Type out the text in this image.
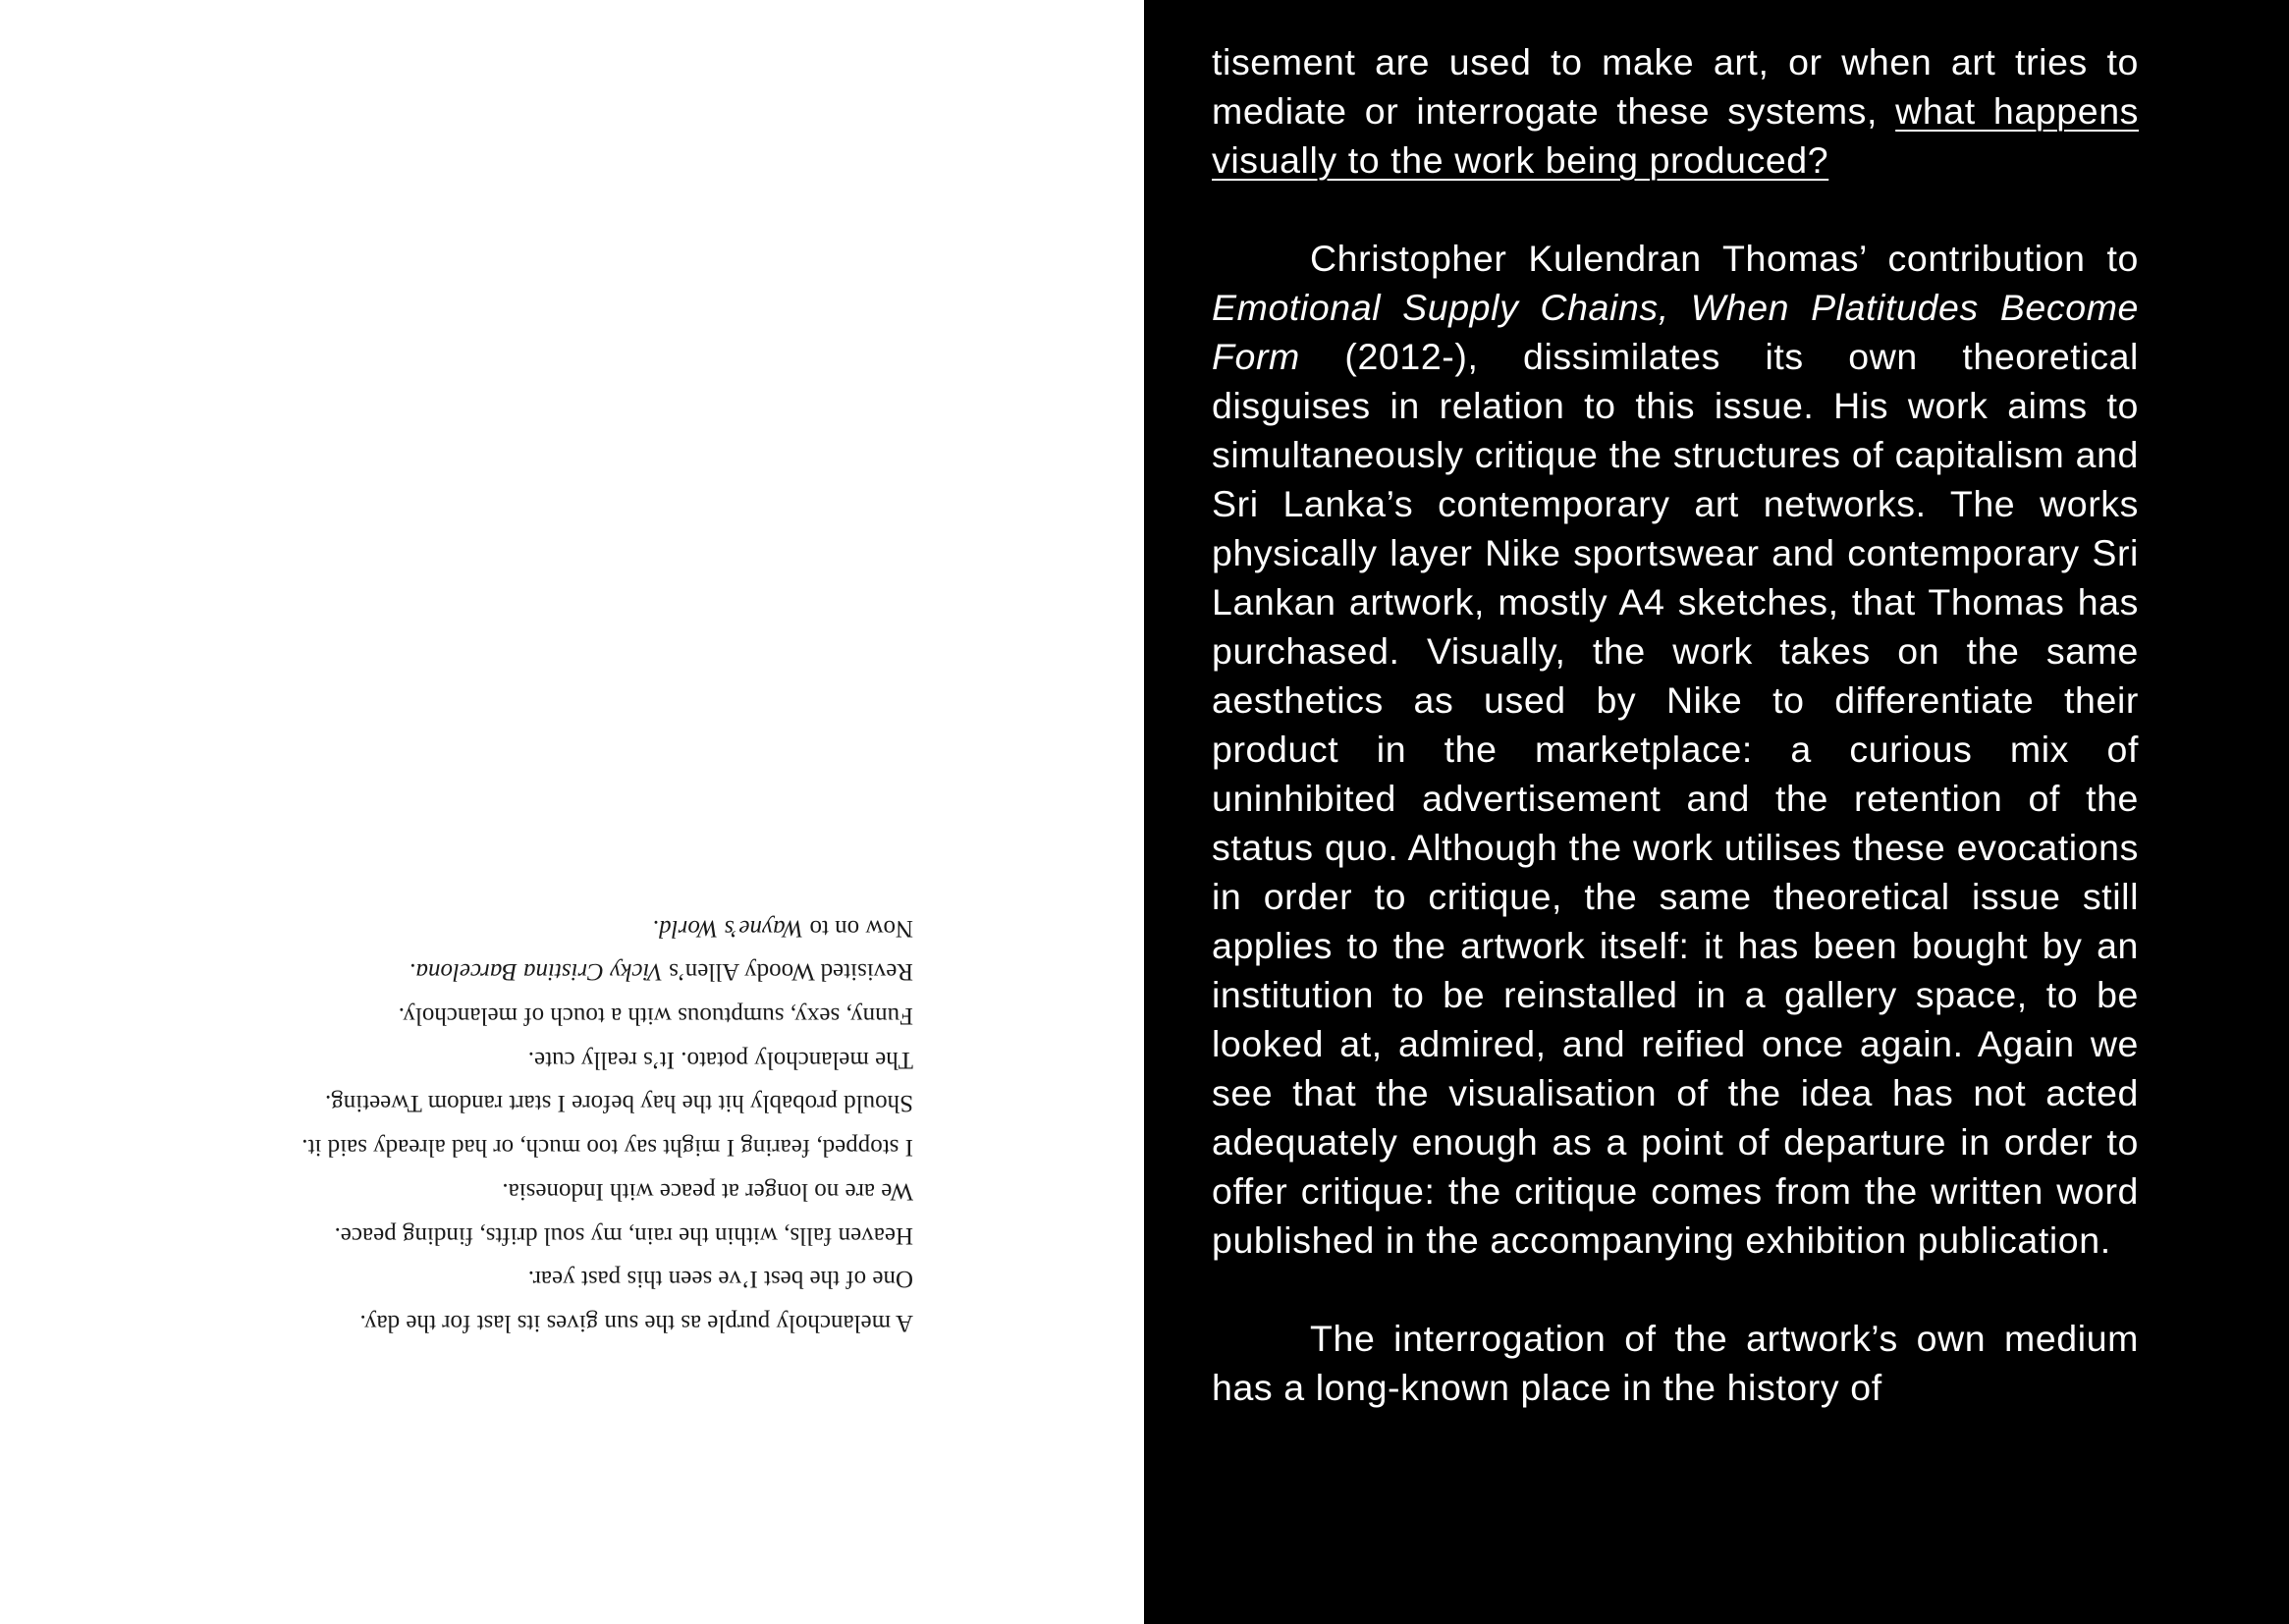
A melancholy purple as the sun gives its last for the day.
One of the best I’ve seen this past year.
Heaven falls, within the rain, my soul drifts, finding peace.
We are no longer at peace with Indonesia.
I stopped, fearing I might say too much, or had already said it.
Should probably hit the hay before I start random Tweeting.
The melancholy potato. It’s really cute.
Funny, sexy, sumptuous with a touch of melancholy.
Revisited Woody Allen’s Vicky Cristina Barcelona.
Now on to Wayne’s World.

tisement are used to make art, or when art tries to mediate or interrogate these systems, what happens visually to the work being produced?

Christopher Kulendran Thomas’ contribution to Emotional Supply Chains, When Platitudes Become Form (2012-), dissimilates its own theoretical disguises in relation to this issue. His work aims to simultaneously critique the structures of capitalism and Sri Lanka’s contemporary art networks. The works physically layer Nike sportswear and contemporary Sri Lankan artwork, mostly A4 sketches, that Thomas has purchased. Visually, the work takes on the same aesthetics as used by Nike to differentiate their product in the marketplace: a curious mix of uninhibited advertisement and the retention of the status quo. Although the work utilises these evocations in order to critique, the same theoretical issue still applies to the artwork itself: it has been bought by an institution to be reinstalled in a gallery space, to be looked at, admired, and reified once again. Again we see that the visualisation of the idea has not acted adequately enough as a point of departure in order to offer critique: the critique comes from the written word published in the accompanying exhibition publication.

The interrogation of the artwork’s own medium has a long-known place in the history of
